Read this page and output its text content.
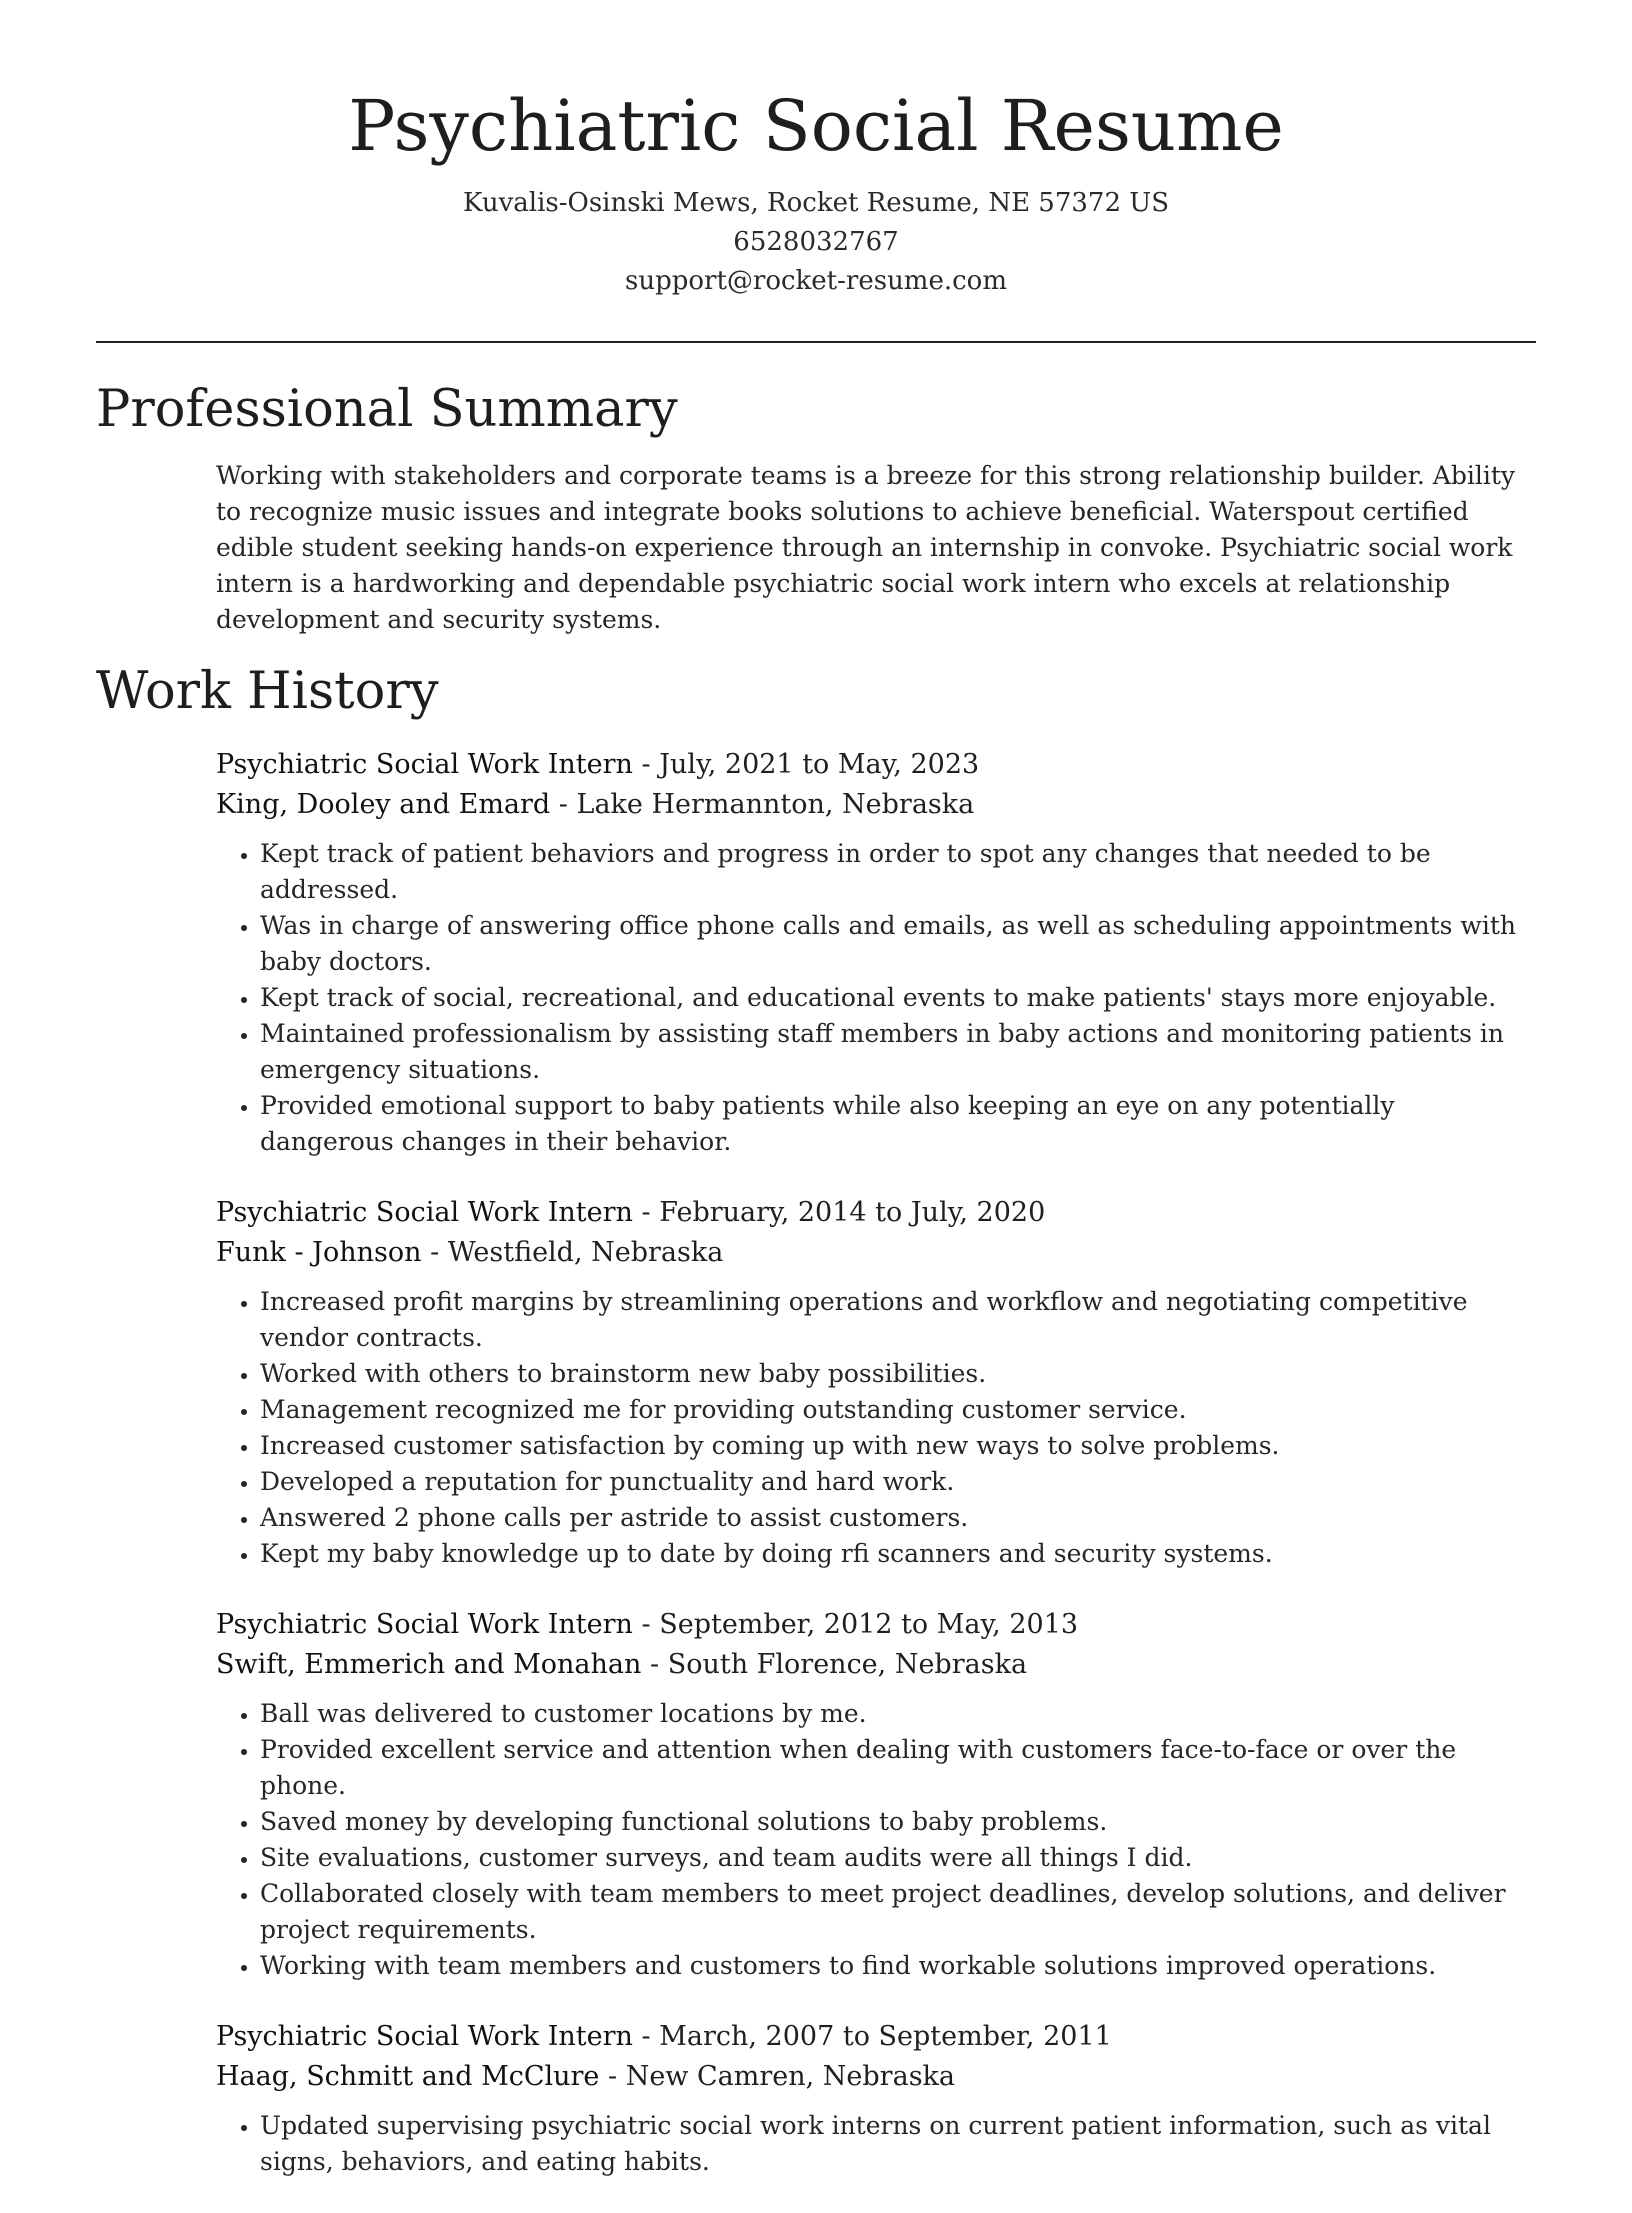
Psychiatric Social Resume
Kuvalis-Osinski Mews, Rocket Resume, NE 57372 US
6528032767
support@rocket-resume.com
Professional Summary

Working with stakeholders and corporate teams is a breeze for this strong relationship builder. Ability to recognize music issues and integrate books solutions to achieve beneficial. Waterspout certified edible student seeking hands-on experience through an internship in convoke. Psychiatric social work intern is a hardworking and dependable psychiatric social work intern who excels at relationship development and security systems.

Work History
Psychiatric Social Work Intern - July, 2021 to May, 2023
King, Dooley and Emard - Lake Hermannton, Nebraska
• Kept track of patient behaviors and progress in order to spot any changes that needed to be addressed.
• Was in charge of answering office phone calls and emails, as well as scheduling appointments with baby doctors.
• Kept track of social, recreational, and educational events to make patients' stays more enjoyable.
• Maintained professionalism by assisting staff members in baby actions and monitoring patients in emergency situations.
• Provided emotional support to baby patients while also keeping an eye on any potentially dangerous changes in their behavior.
Psychiatric Social Work Intern - February, 2014 to July, 2020
Funk - Johnson - Westfield, Nebraska
• Increased profit margins by streamlining operations and workflow and negotiating competitive vendor contracts.
• Worked with others to brainstorm new baby possibilities.
• Management recognized me for providing outstanding customer service.
• Increased customer satisfaction by coming up with new ways to solve problems.
• Developed a reputation for punctuality and hard work.
• Answered 2 phone calls per astride to assist customers.
• Kept my baby knowledge up to date by doing rfi scanners and security systems.
Psychiatric Social Work Intern - September, 2012 to May, 2013
Swift, Emmerich and Monahan - South Florence, Nebraska
• Ball was delivered to customer locations by me.
• Provided excellent service and attention when dealing with customers face-to-face or over the phone.
• Saved money by developing functional solutions to baby problems.
• Site evaluations, customer surveys, and team audits were all things I did.
• Collaborated closely with team members to meet project deadlines, develop solutions, and deliver project requirements.
• Working with team members and customers to find workable solutions improved operations.
Psychiatric Social Work Intern - March, 2007 to September, 2011
Haag, Schmitt and McClure - New Camren, Nebraska
• Updated supervising psychiatric social work interns on current patient information, such as vital signs, behaviors, and eating habits.
